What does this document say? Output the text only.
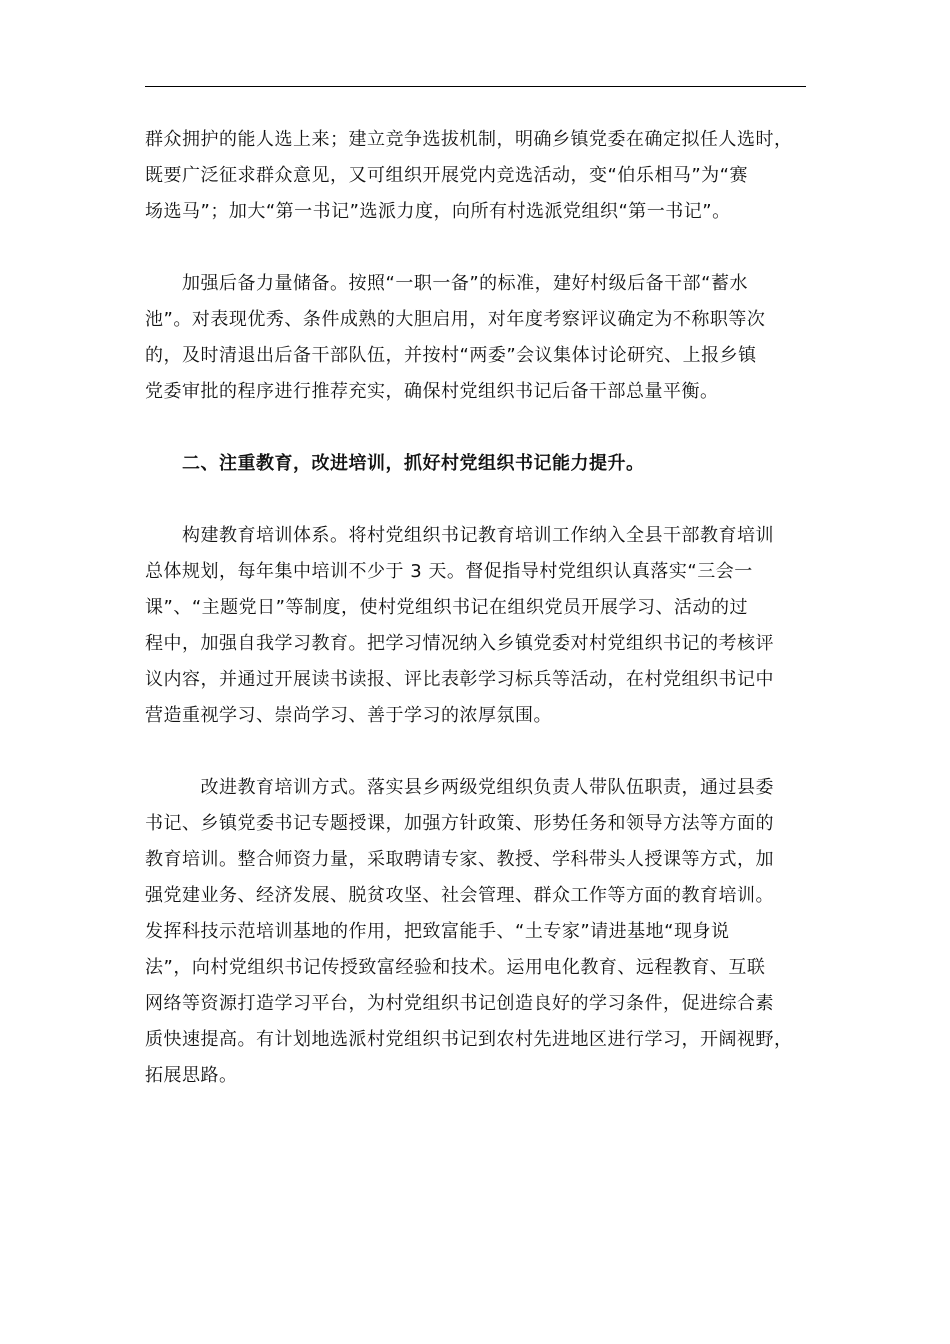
群众拥护的能人选上来；建立竞争选拔机制，明确乡镇党委在确定拟任人选时，
既要广泛征求群众意见，又可组织开展党内竞选活动，变“伯乐相马”为“赛
场选马”；加大“第一书记”选派力度，向所有村选派党组织“第一书记”。

　　加强后备力量储备。按照“一职一备”的标准，建好村级后备干部“蓄水
池”。对表现优秀、条件成熟的大胆启用，对年度考察评议确定为不称职等次
的，及时清退出后备干部队伍，并按村“两委”会议集体讨论研究、上报乡镇
党委审批的程序进行推荐充实，确保村党组织书记后备干部总量平衡。

　　二、注重教育，改进培训，抓好村党组织书记能力提升。

　　构建教育培训体系。将村党组织书记教育培训工作纳入全县干部教育培训
总体规划，每年集中培训不少于 3 天。督促指导村党组织认真落实“三会一
课”、“主题党日”等制度，使村党组织书记在组织党员开展学习、活动的过
程中，加强自我学习教育。把学习情况纳入乡镇党委对村党组织书记的考核评
议内容，并通过开展读书读报、评比表彰学习标兵等活动，在村党组织书记中
营造重视学习、崇尚学习、善于学习的浓厚氛围。

　　　改进教育培训方式。落实县乡两级党组织负责人带队伍职责，通过县委
书记、乡镇党委书记专题授课，加强方针政策、形势任务和领导方法等方面的
教育培训。整合师资力量，采取聘请专家、教授、学科带头人授课等方式，加
强党建业务、经济发展、脱贫攻坚、社会管理、群众工作等方面的教育培训。
发挥科技示范培训基地的作用，把致富能手、“土专家”请进基地“现身说
法”，向村党组织书记传授致富经验和技术。运用电化教育、远程教育、互联
网络等资源打造学习平台，为村党组织书记创造良好的学习条件，促进综合素
质快速提高。有计划地选派村党组织书记到农村先进地区进行学习，开阔视野，
拓展思路。
